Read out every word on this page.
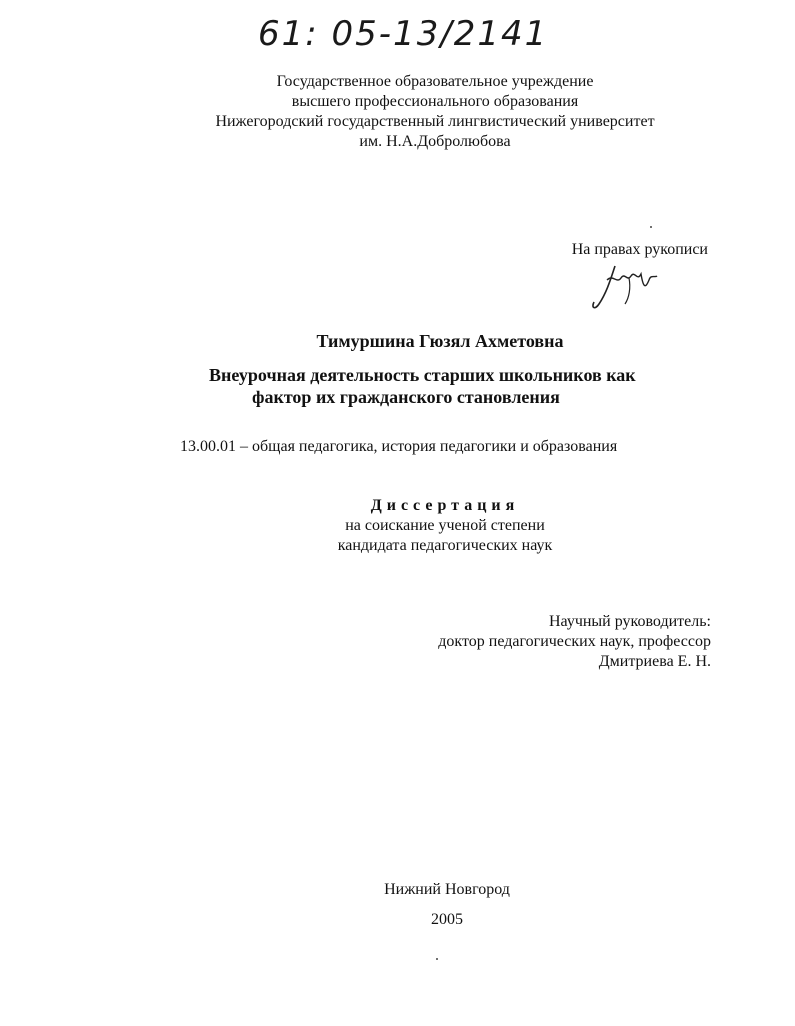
61: 05-13/2141
Государственное образовательное учреждение
высшего профессионального образования
Нижегородский государственный лингвистический университет
им. Н.А.Добролюбова
На правах рукописи
Тимуршина Гюзял Ахметовна
Внеурочная деятельность старших школьников как
фактор их гражданского становления
13.00.01 – общая педагогика, история педагогики и образования
Диссертация
на соискание ученой степени
кандидата педагогических наук
Научный руководитель:
доктор педагогических наук, профессор
Дмитриева Е. Н.
Нижний Новгород
2005
